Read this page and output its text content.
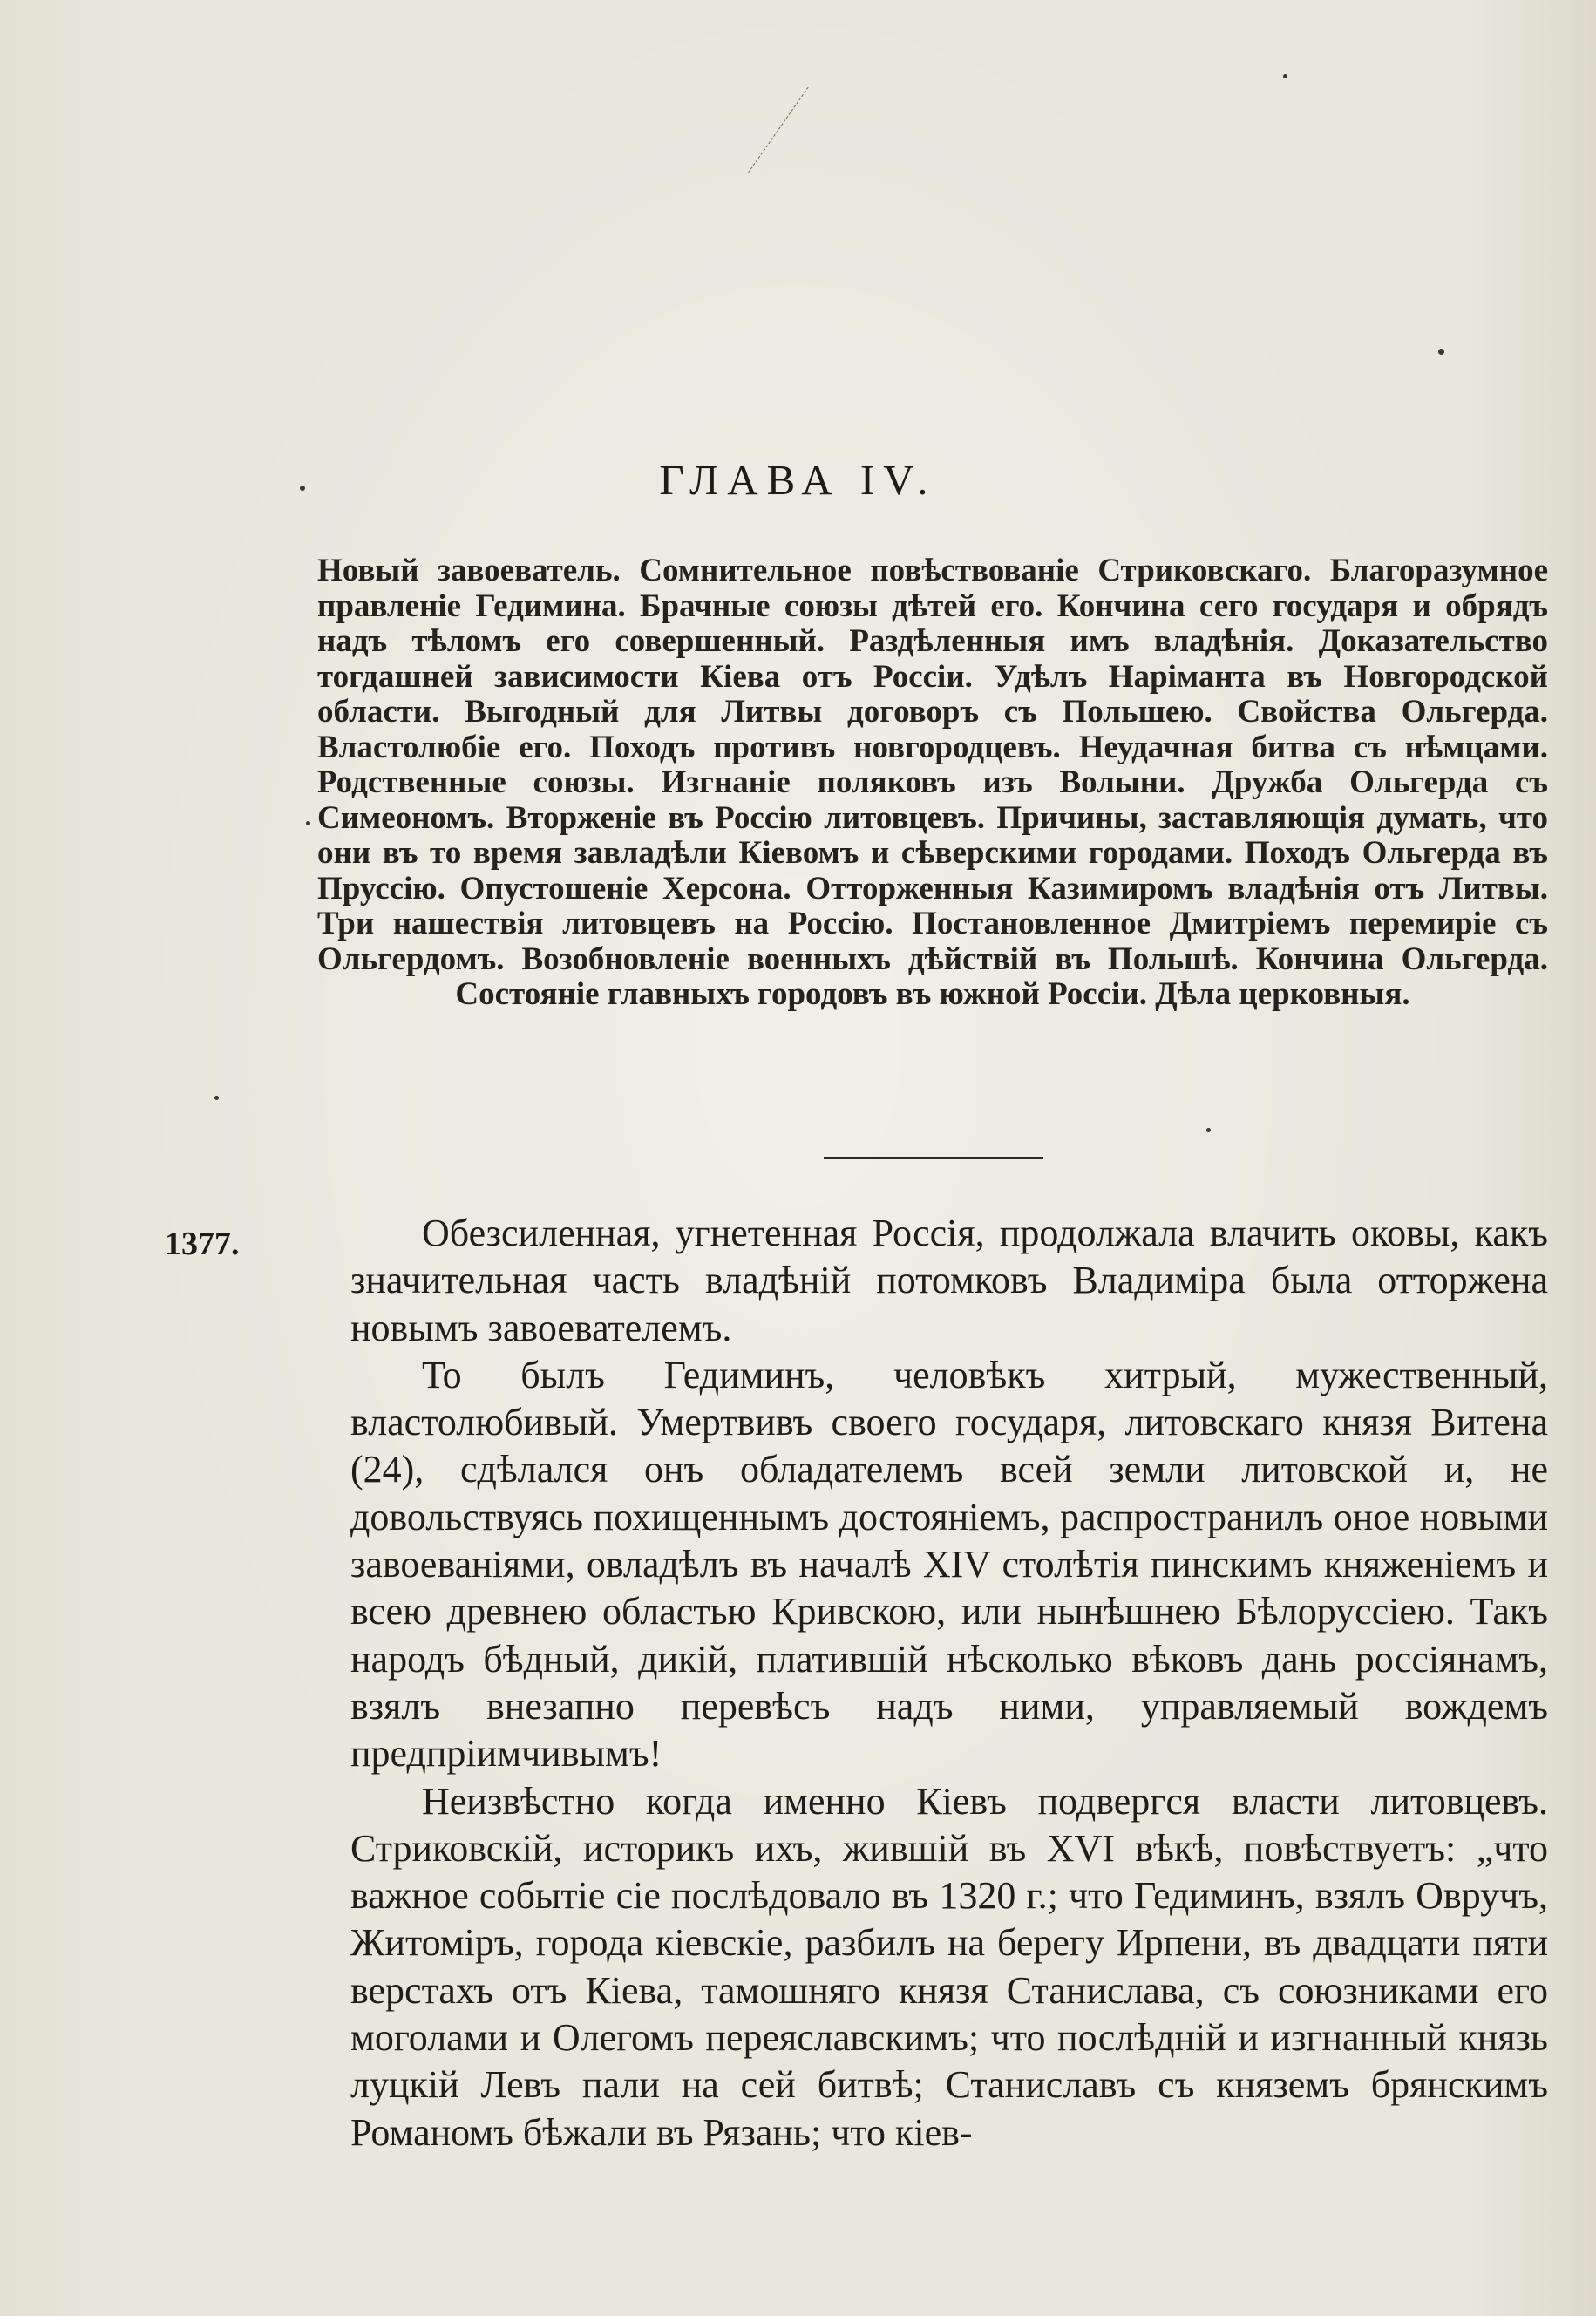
ГЛАВА IV.

Новый завоеватель. Сомнительное повѣствованіе Стриковскаго. Благоразумное правленіе Гедимина. Брачные союзы дѣтей его. Кончина сего государя и обрядъ надъ тѣломъ его совершенный. Раздѣленныя имъ владѣнія. Доказательство тогдашней зависимости Кіева отъ Россіи. Удѣлъ Наріманта въ Новгородской области. Выгодный для Литвы договоръ съ Польшею. Свойства Ольгерда. Властолюбіе его. Походъ противъ новгородцевъ. Неудачная битва съ нѣмцами. Родственные союзы. Изгнаніе поляковъ изъ Волыни. Дружба Ольгерда съ Симеономъ. Вторженіе въ Россію литовцевъ. Причины, заставляющія думать, что они въ то время завладѣли Кіевомъ и сѣверскими городами. Походъ Ольгерда въ Пруссію. Опустошеніе Херсона. Отторженныя Казимиромъ владѣнія отъ Литвы. Три нашествія литовцевъ на Россію. Постановленное Дмитріемъ перемиріе съ Ольгердомъ. Возобновленіе военныхъ дѣйствій въ Польшѣ. Кончина Ольгерда. Состояніе главныхъ городовъ въ южной Россіи. Дѣла церковныя.

1377.	Обезсиленная, угнетенная Россія, продолжала влачить оковы, какъ значительная часть владѣній потомковъ Владиміра была отторжена новымъ завоевателемъ.

То былъ Гедиминъ, человѣкъ хитрый, мужественный, властолюбивый. Умертвивъ своего государя, литовскаго князя Витена (24), сдѣлался онъ обладателемъ всей земли литовской и, не довольствуясь похищеннымъ достояніемъ, распространилъ оное новыми завоеваніями, овладѣлъ въ началѣ XIV столѣтія пинскимъ княженіемъ и всею древнею областью Кривскою, или нынѣшнею Бѣлоруссіею. Такъ народъ бѣдный, дикій, платившій нѣсколько вѣковъ дань россіянамъ, взялъ внезапно перевѣсъ надъ ними, управляемый вождемъ предпріимчивымъ!

Неизвѣстно когда именно Кіевъ подвергся власти литовцевъ. Стриковскій, историкъ ихъ, жившій въ XVI вѣкѣ, повѣствуетъ: „что важное событіе сіе послѣдовало въ 1320 г.; что Гедиминъ, взялъ Овручъ, Житоміръ, города кіевскіе, разбилъ на берегу Ирпени, въ двадцати пяти верстахъ отъ Кіева, тамошняго князя Станислава, съ союзниками его моголами и Олегомъ переяславскимъ; что послѣдній и изгнанный князь луцкій Левъ пали на сей битвѣ; Станиславъ съ княземъ брянскимъ Романомъ бѣжали въ Рязань; что кіев-
